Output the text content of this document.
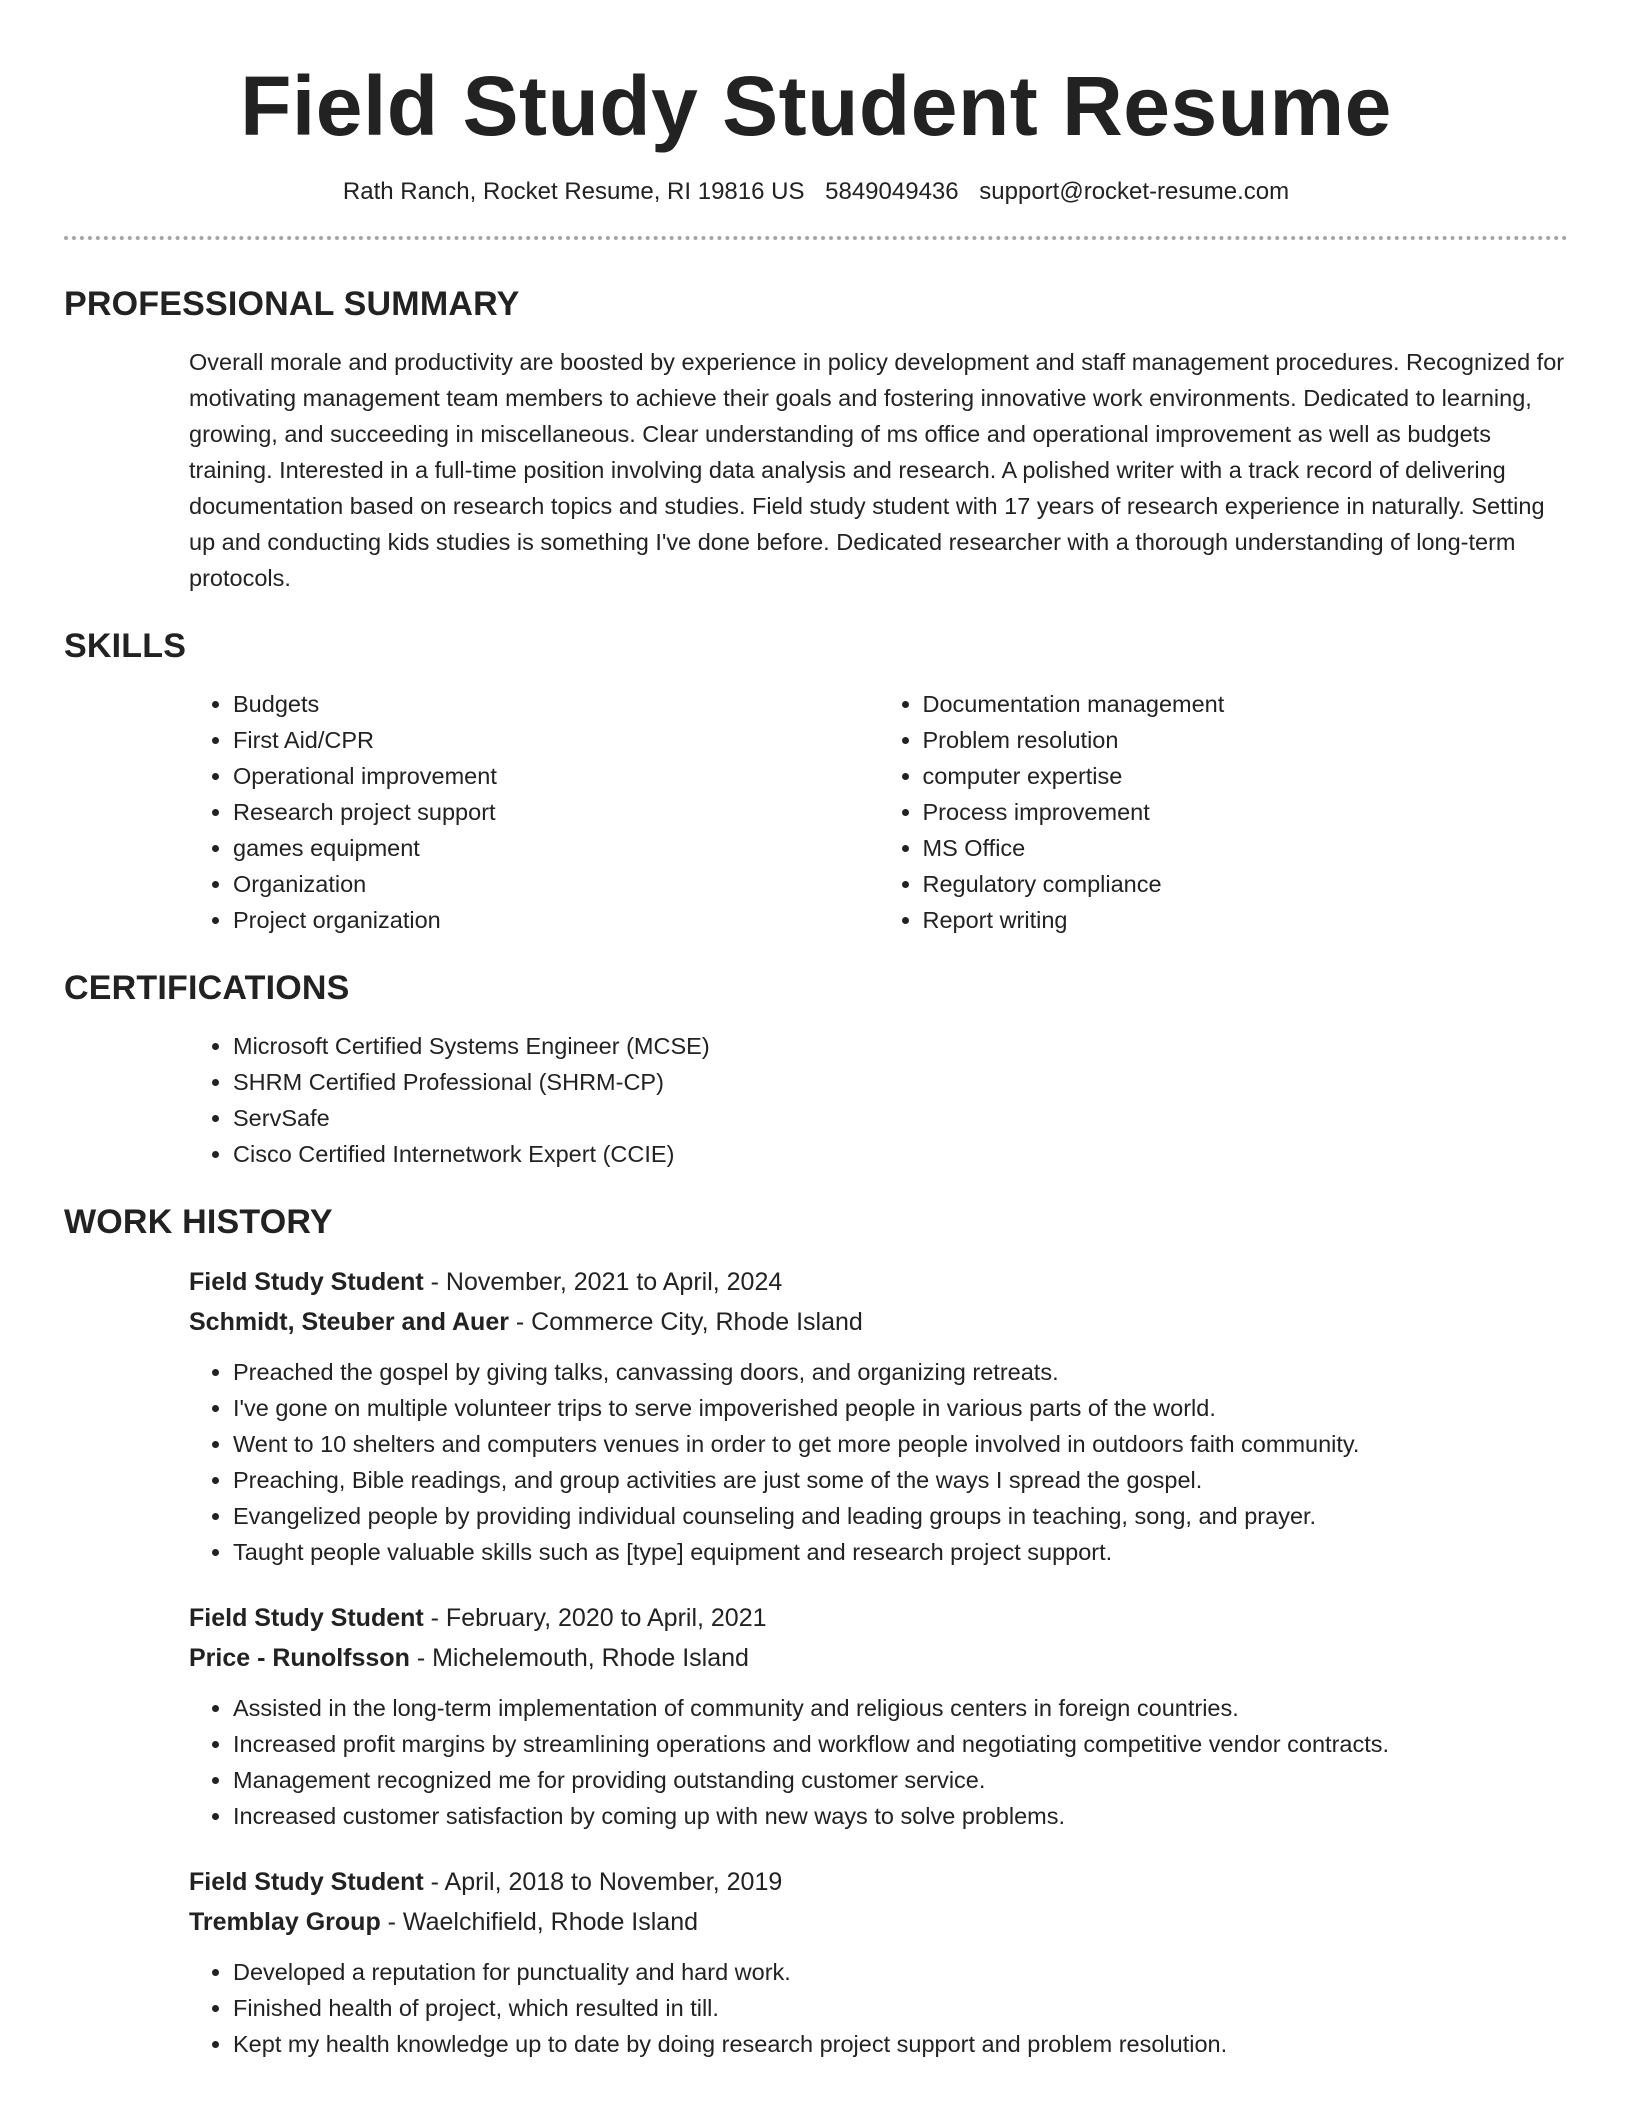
Field Study Student Resume
Rath Ranch, Rocket Resume, RI 19816 US 5849049436 support@rocket-resume.com
PROFESSIONAL SUMMARY

Overall morale and productivity are boosted by experience in policy development and staff management procedures. Recognized for motivating management team members to achieve their goals and fostering innovative work environments. Dedicated to learning, growing, and succeeding in miscellaneous. Clear understanding of ms office and operational improvement as well as budgets training. Interested in a full-time position involving data analysis and research. A polished writer with a track record of delivering documentation based on research topics and studies. Field study student with 17 years of research experience in naturally. Setting up and conducting kids studies is something I've done before. Dedicated researcher with a thorough understanding of long-term protocols.

SKILLS
• Budgets
• First Aid/CPR
• Operational improvement
• Research project support
• games equipment
• Organization
• Project organization
• Documentation management
• Problem resolution
• computer expertise
• Process improvement
• MS Office
• Regulatory compliance
• Report writing
CERTIFICATIONS
• Microsoft Certified Systems Engineer (MCSE)
• SHRM Certified Professional (SHRM-CP)
• ServSafe
• Cisco Certified Internetwork Expert (CCIE)
WORK HISTORY
Field Study Student - November, 2021 to April, 2024
Schmidt, Steuber and Auer - Commerce City, Rhode Island
• Preached the gospel by giving talks, canvassing doors, and organizing retreats.
• I've gone on multiple volunteer trips to serve impoverished people in various parts of the world.
• Went to 10 shelters and computers venues in order to get more people involved in outdoors faith community.
• Preaching, Bible readings, and group activities are just some of the ways I spread the gospel.
• Evangelized people by providing individual counseling and leading groups in teaching, song, and prayer.
• Taught people valuable skills such as [type] equipment and research project support.
Field Study Student - February, 2020 to April, 2021
Price - Runolfsson - Michelemouth, Rhode Island
• Assisted in the long-term implementation of community and religious centers in foreign countries.
• Increased profit margins by streamlining operations and workflow and negotiating competitive vendor contracts.
• Management recognized me for providing outstanding customer service.
• Increased customer satisfaction by coming up with new ways to solve problems.
Field Study Student - April, 2018 to November, 2019
Tremblay Group - Waelchifield, Rhode Island
• Developed a reputation for punctuality and hard work.
• Finished health of project, which resulted in till.
• Kept my health knowledge up to date by doing research project support and problem resolution.
